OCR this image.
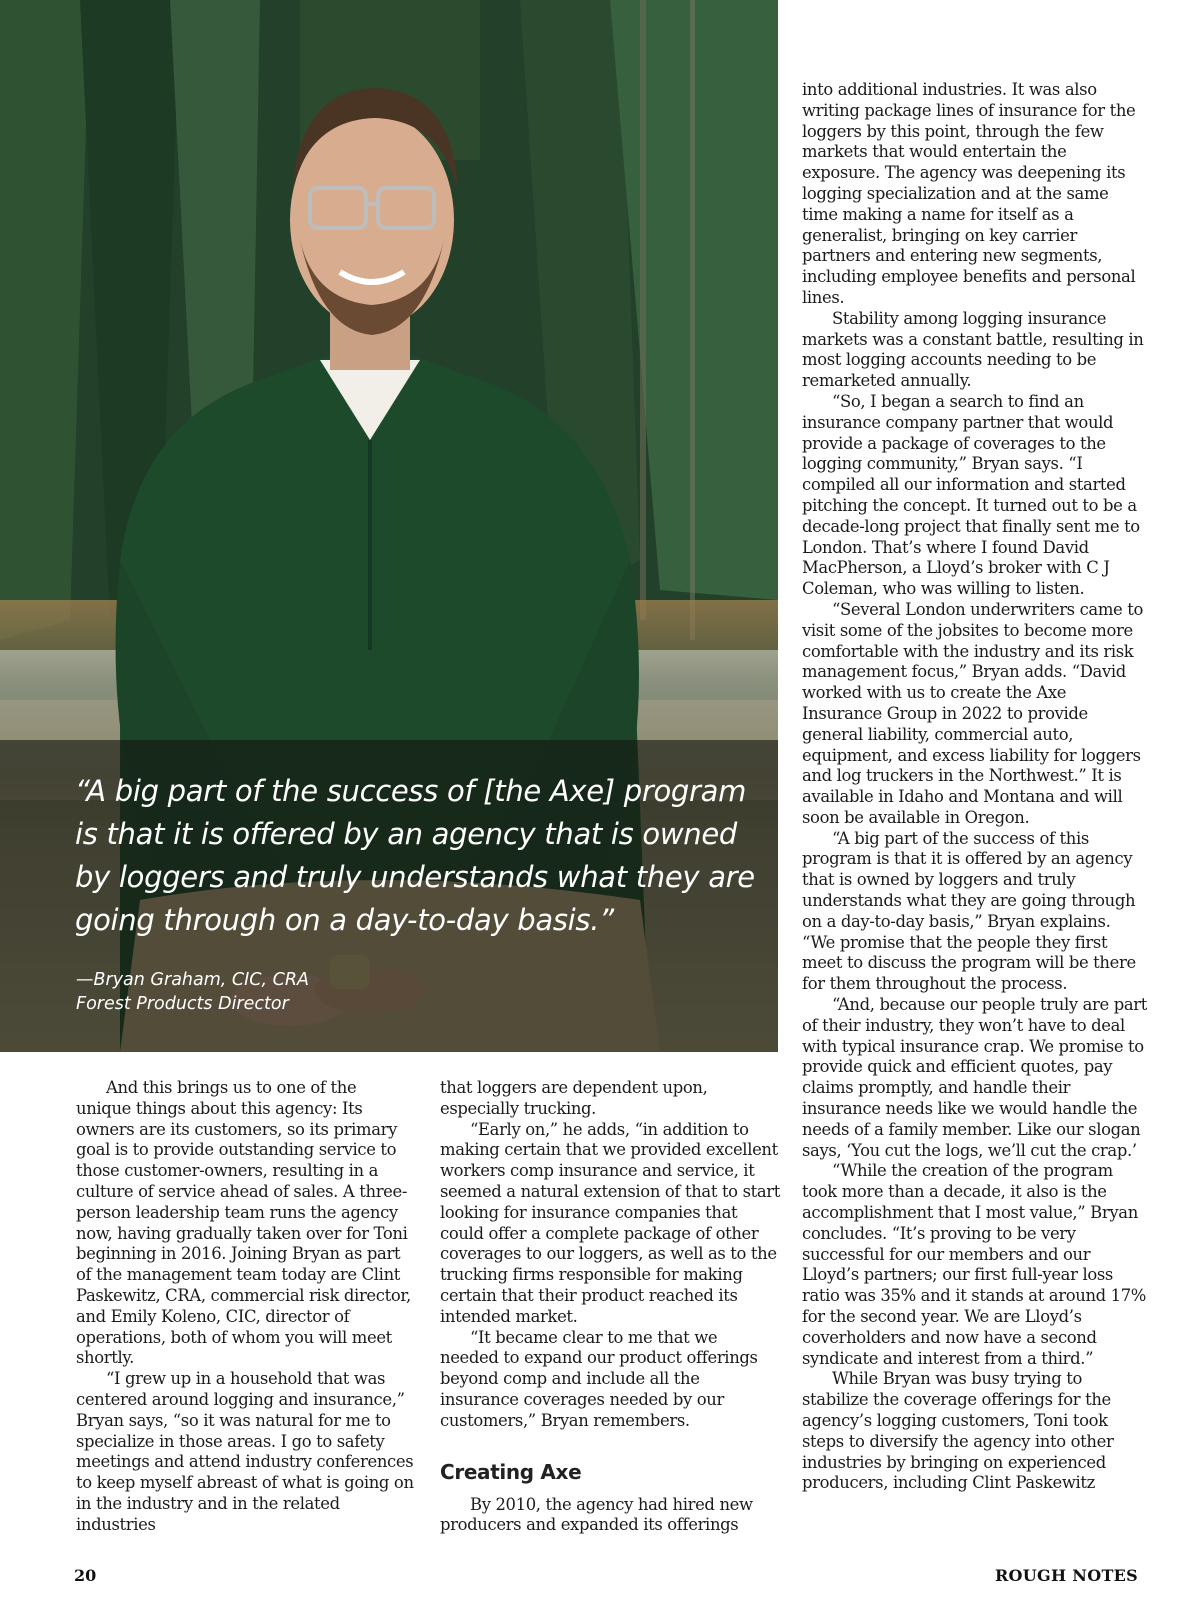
“A big part of the success of [the Axe] program is that it is offered by an agency that is owned by loggers and truly understands what they are going through on a day-to-day basis.”

—Bryan Graham, CIC, CRA
Forest Products Director

And this brings us to one of the unique things about this agency: Its owners are its customers, so its primary goal is to provide outstanding service to those customer-owners, resulting in a culture of service ahead of sales. A three-person leadership team runs the agency now, having gradually taken over for Toni beginning in 2016. Joining Bryan as part of the management team today are Clint Paskewitz, CRA, commercial risk director, and Emily Koleno, CIC, director of operations, both of whom you will meet shortly.

“I grew up in a household that was centered around logging and insurance,” Bryan says, “so it was natural for me to specialize in those areas. I go to safety meetings and attend industry conferences to keep myself abreast of what is going on in the industry and in the related industries

that loggers are dependent upon, especially trucking.

“Early on,” he adds, “in addition to making certain that we provided excellent workers comp insurance and service, it seemed a natural extension of that to start looking for insurance companies that could offer a complete package of other coverages to our loggers, as well as to the trucking firms responsible for making certain that their product reached its intended market.

“It became clear to me that we needed to expand our product offerings beyond comp and include all the insurance coverages needed by our customers,” Bryan remembers.

Creating Axe

By 2010, the agency had hired new producers and expanded its offerings

into additional industries. It was also writing package lines of insurance for the loggers by this point, through the few markets that would entertain the exposure. The agency was deepening its logging specialization and at the same time making a name for itself as a generalist, bringing on key carrier partners and entering new segments, including employee benefits and personal lines.

Stability among logging insurance markets was a constant battle, resulting in most logging accounts needing to be remarketed annually.

“So, I began a search to find an insurance company partner that would provide a package of coverages to the logging community,” Bryan says. “I compiled all our information and started pitching the concept. It turned out to be a decade-long project that finally sent me to London. That’s where I found David MacPherson, a Lloyd’s broker with C J Coleman, who was willing to listen.

“Several London underwriters came to visit some of the jobsites to become more comfortable with the industry and its risk management focus,” Bryan adds. “David worked with us to create the Axe Insurance Group in 2022 to provide general liability, commercial auto, equipment, and excess liability for loggers and log truckers in the Northwest.” It is available in Idaho and Montana and will soon be available in Oregon.

“A big part of the success of this program is that it is offered by an agency that is owned by loggers and truly understands what they are going through on a day-to-day basis,” Bryan explains. “We promise that the people they first meet to discuss the program will be there for them throughout the process.

“And, because our people truly are part of their industry, they won’t have to deal with typical insurance crap. We promise to provide quick and efficient quotes, pay claims promptly, and handle their insurance needs like we would handle the needs of a family member. Like our slogan says, ‘You cut the logs, we’ll cut the crap.’

“While the creation of the program took more than a decade, it also is the accomplishment that I most value,” Bryan concludes. “It’s proving to be very successful for our members and our Lloyd’s partners; our first full-year loss ratio was 35% and it stands at around 17% for the second year. We are Lloyd’s coverholders and now have a second syndicate and interest from a third.”

While Bryan was busy trying to stabilize the coverage offerings for the agency’s logging customers, Toni took steps to diversify the agency into other industries by bringing on experienced producers, including Clint Paskewitz

20	ROUGH NOTES
